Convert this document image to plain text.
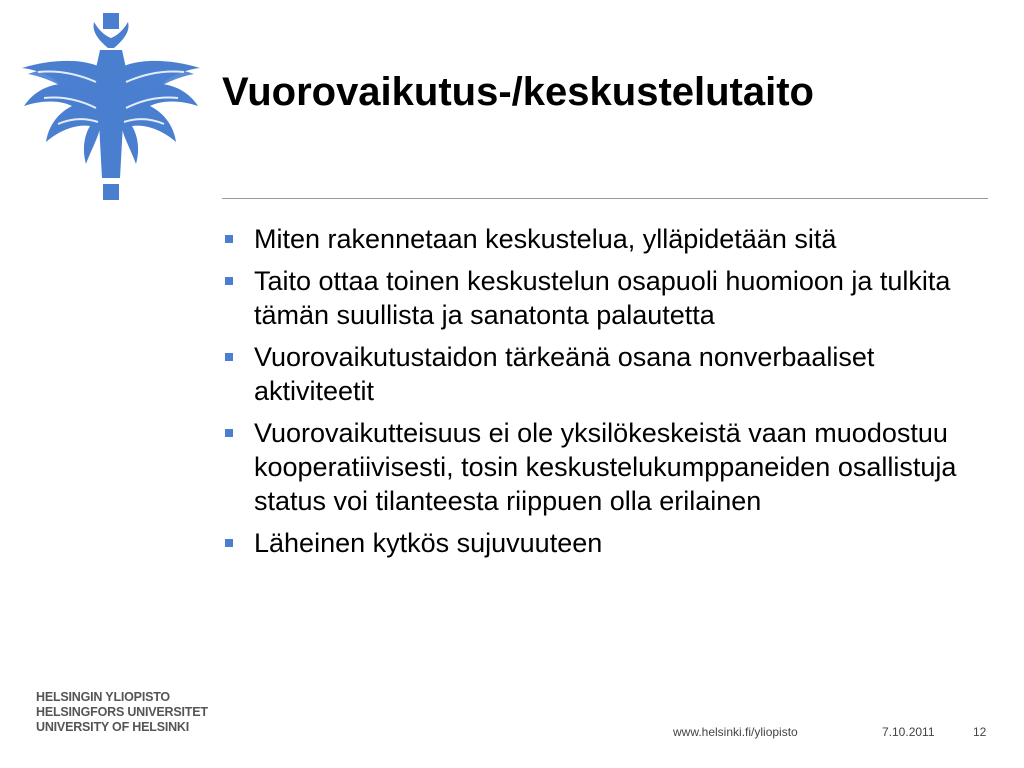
Vuorovaikutus-/keskustelutaito
Miten rakennetaan keskustelua, ylläpidetään sitä
Taito ottaa toinen keskustelun osapuoli huomioon ja tulkita tämän suullista ja sanatonta palautetta
Vuorovaikutustaidon tärkeänä osana nonverbaaliset aktiviteetit
Vuorovaikutteisuus ei ole yksilökeskeistä vaan muodostuu kooperatiivisesti, tosin keskustelukumppaneiden osallistuja status voi tilanteesta riippuen olla erilainen
Läheinen kytkös sujuvuuteen
HELSINGIN YLIOPISTO
HELSINGFORS UNIVERSITET
UNIVERSITY OF HELSINKI	www.helsinki.fi/yliopisto	7.10.2011	12
